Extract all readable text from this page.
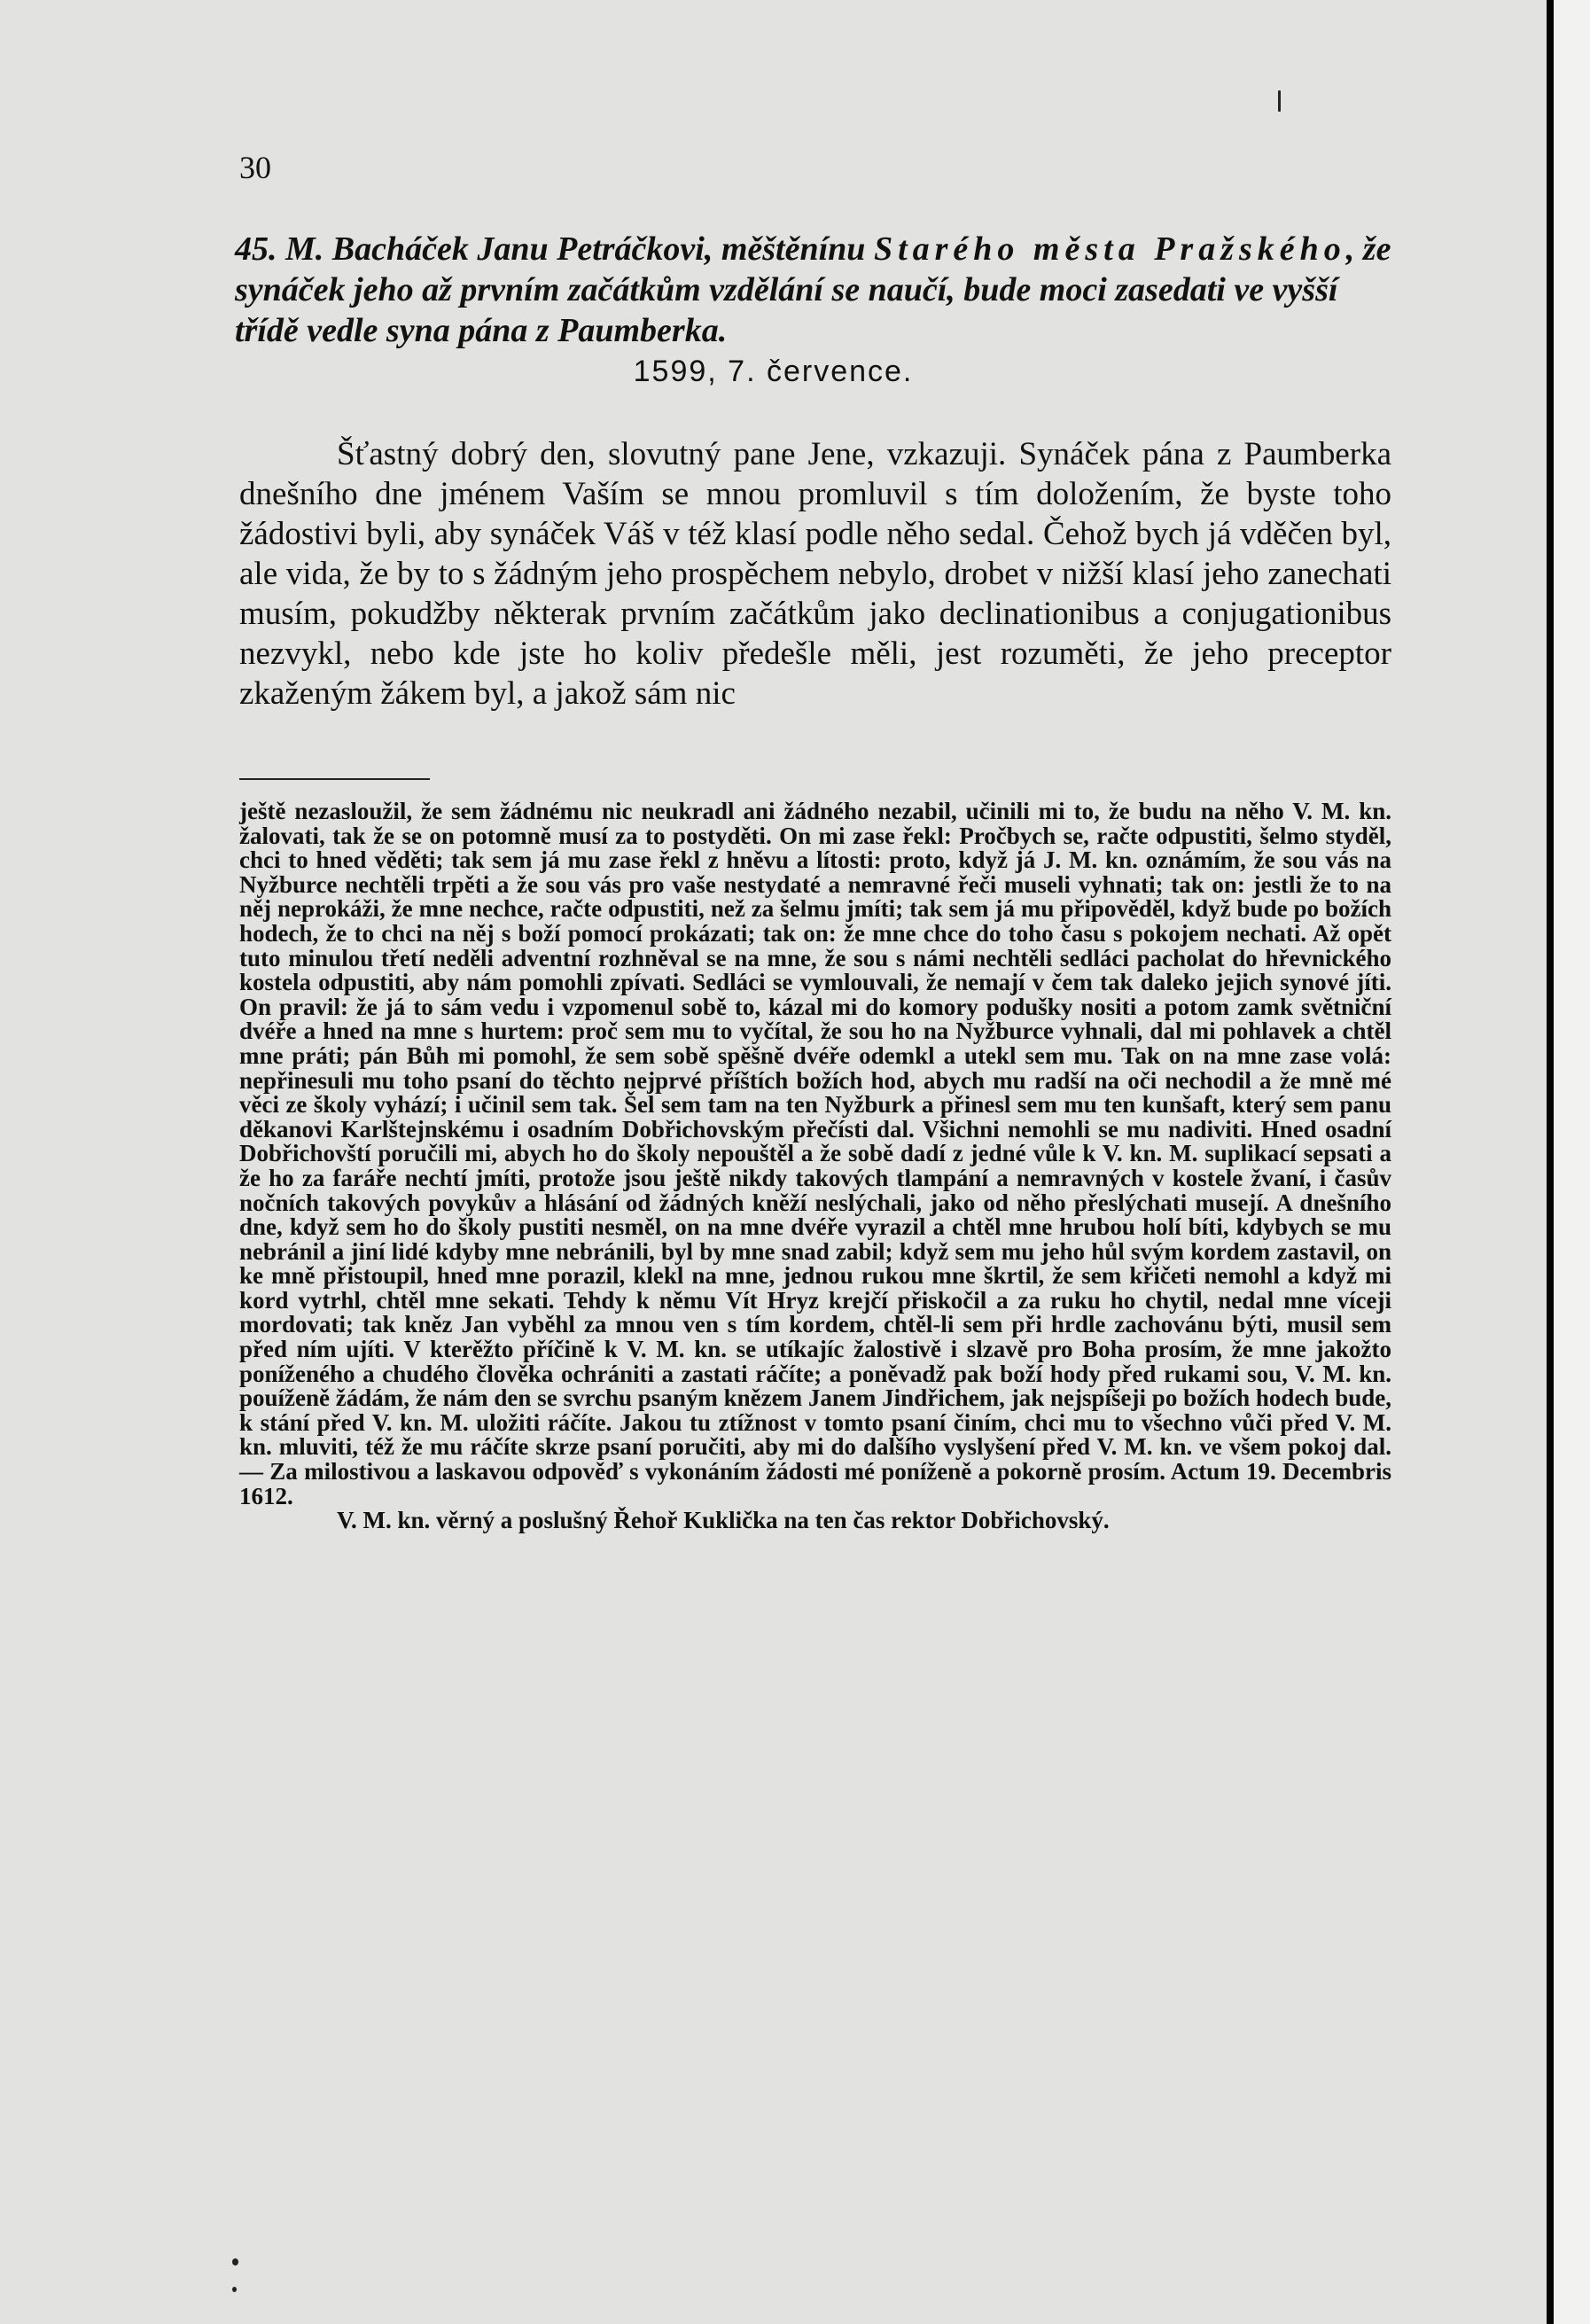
30
45. M. Bacháček Janu Petráčkovi, měštěnínu Starého města Pražského, že synáček jeho až prvním začátkům vzdělání se naučí, bude moci zasedati ve vyšší třídě vedle syna pána z Paumberka.
1599, 7. července.

Šťastný dobrý den, slovutný pane Jene, vzkazuji. Synáček pána z Paumberka dnešního dne jménem Vaším se mnou promluvil s tím doložením, že byste toho žádostivi byli, aby synáček Váš v též klasí podle něho sedal. Čehož bych já vděčen byl, ale vida, že by to s žádným jeho prospěchem nebylo, drobet v nižší klasí jeho zanechati musím, pokudžby některak prvním začátkům jako declinationibus a conjugationibus nezvykl, nebo kde jste ho koliv předešle měli, jest rozuměti, že jeho preceptor zkaženým žákem byl, a jakož sám nic

ještě nezasloužil, že sem žádnému nic neukradl ani žádného nezabil, učinili mi to, že budu na něho V. M. kn. žalovati, tak že se on potomně musí za to postyděti. On mi zase řekl: Pročbych se, račte odpustiti, šelmo styděl, chci to hned věděti; tak sem já mu zase řekl z hněvu a lítosti: proto, když já J. M. kn. oznámím, že sou vás na Nyžburce nechtěli trpěti a že sou vás pro vaše nestydaté a nemravné řeči museli vyhnati; tak on: jestli že to na něj neprokáži, že mne nechce, račte odpustiti, než za šelmu jmíti; tak sem já mu připověděl, když bude po božích hodech, že to chci na něj s boží pomocí prokázati; tak on: že mne chce do toho času s pokojem nechati. Až opět tuto minulou třetí neděli adventní rozhněval se na mne, že sou s námi nechtěli sedláci pacholat do hřevnického kostela odpustiti, aby nám pomohli zpívati. Sedláci se vymlouvali, že nemají v čem tak daleko jejich synové jíti. On pravil: že já to sám vedu i vzpomenul sobě to, kázal mi do komory podušky nositi a potom zamk světniční dvéře a hned na mne s hurtem: proč sem mu to vyčítal, že sou ho na Nyžburce vyhnali, dal mi pohlavek a chtěl mne práti; pán Bůh mi pomohl, že sem sobě spěšně dvéře odemkl a utekl sem mu. Tak on na mne zase volá: nepřinesuli mu toho psaní do těchto nejprvé příštích božích hod, abych mu radší na oči nechodil a že mně mé věci ze školy vyhází; i učinil sem tak. Šel sem tam na ten Nyžburk a přinesl sem mu ten kunšaft, který sem panu děkanovi Karlštejnskému i osadním Dobřichovským přečísti dal. Všichni nemohli se mu nadiviti. Hned osadní Dobřichovští poručili mi, abych ho do školy nepouštěl a že sobě dadí z jedné vůle k V. kn. M. suplikací sepsati a že ho za faráře nechtí jmíti, protože jsou ještě nikdy takových tlampání a nemravných v kostele žvaní, i časův nočních takových povykův a hlásání od žádných kněží neslýchali, jako od něho přeslýchati musejí. A dnešního dne, když sem ho do školy pustiti nesměl, on na mne dvéře vyrazil a chtěl mne hrubou holí bíti, kdybych se mu nebránil a jiní lidé kdyby mne nebránili, byl by mne snad zabil; když sem mu jeho hůl svým kordem zastavil, on ke mně přistoupil, hned mne porazil, klekl na mne, jednou rukou mne škrtil, že sem křičeti nemohl a když mi kord vytrhl, chtěl mne sekati. Tehdy k němu Vít Hryz krejčí přiskočil a za ruku ho chytil, nedal mne víceji mordovati; tak kněz Jan vyběhl za mnou ven s tím kordem, chtěl-li sem při hrdle zachovánu býti, musil sem před ním ujíti. V kterěžto příčině k V. M. kn. se utíkajíc žalostivě i slzavě pro Boha prosím, že mne jakožto poníženého a chudého člověka ochrániti a zastati ráčíte; a poněvadž pak boží hody před rukami sou, V. M. kn. pouíženě žádám, že nám den se svrchu psaným knězem Janem Jindřichem, jak nejspíšeji po božích hodech bude, k stání před V. kn. M. uložiti ráčíte. Jakou tu ztížnost v tomto psaní činím, chci mu to všechno vůči před V. M. kn. mluviti, též že mu ráčíte skrze psaní poručiti, aby mi do dalšího vyslyšení před V. M. kn. ve všem pokoj dal. — Za milostivou a laskavou odpověď s vykonáním žádosti mé poníženě a pokorně prosím. Actum 19. Decembris 1612.

V. M. kn. věrný a poslušný Řehoř Kuklička na ten čas rektor Dobřichovský.
